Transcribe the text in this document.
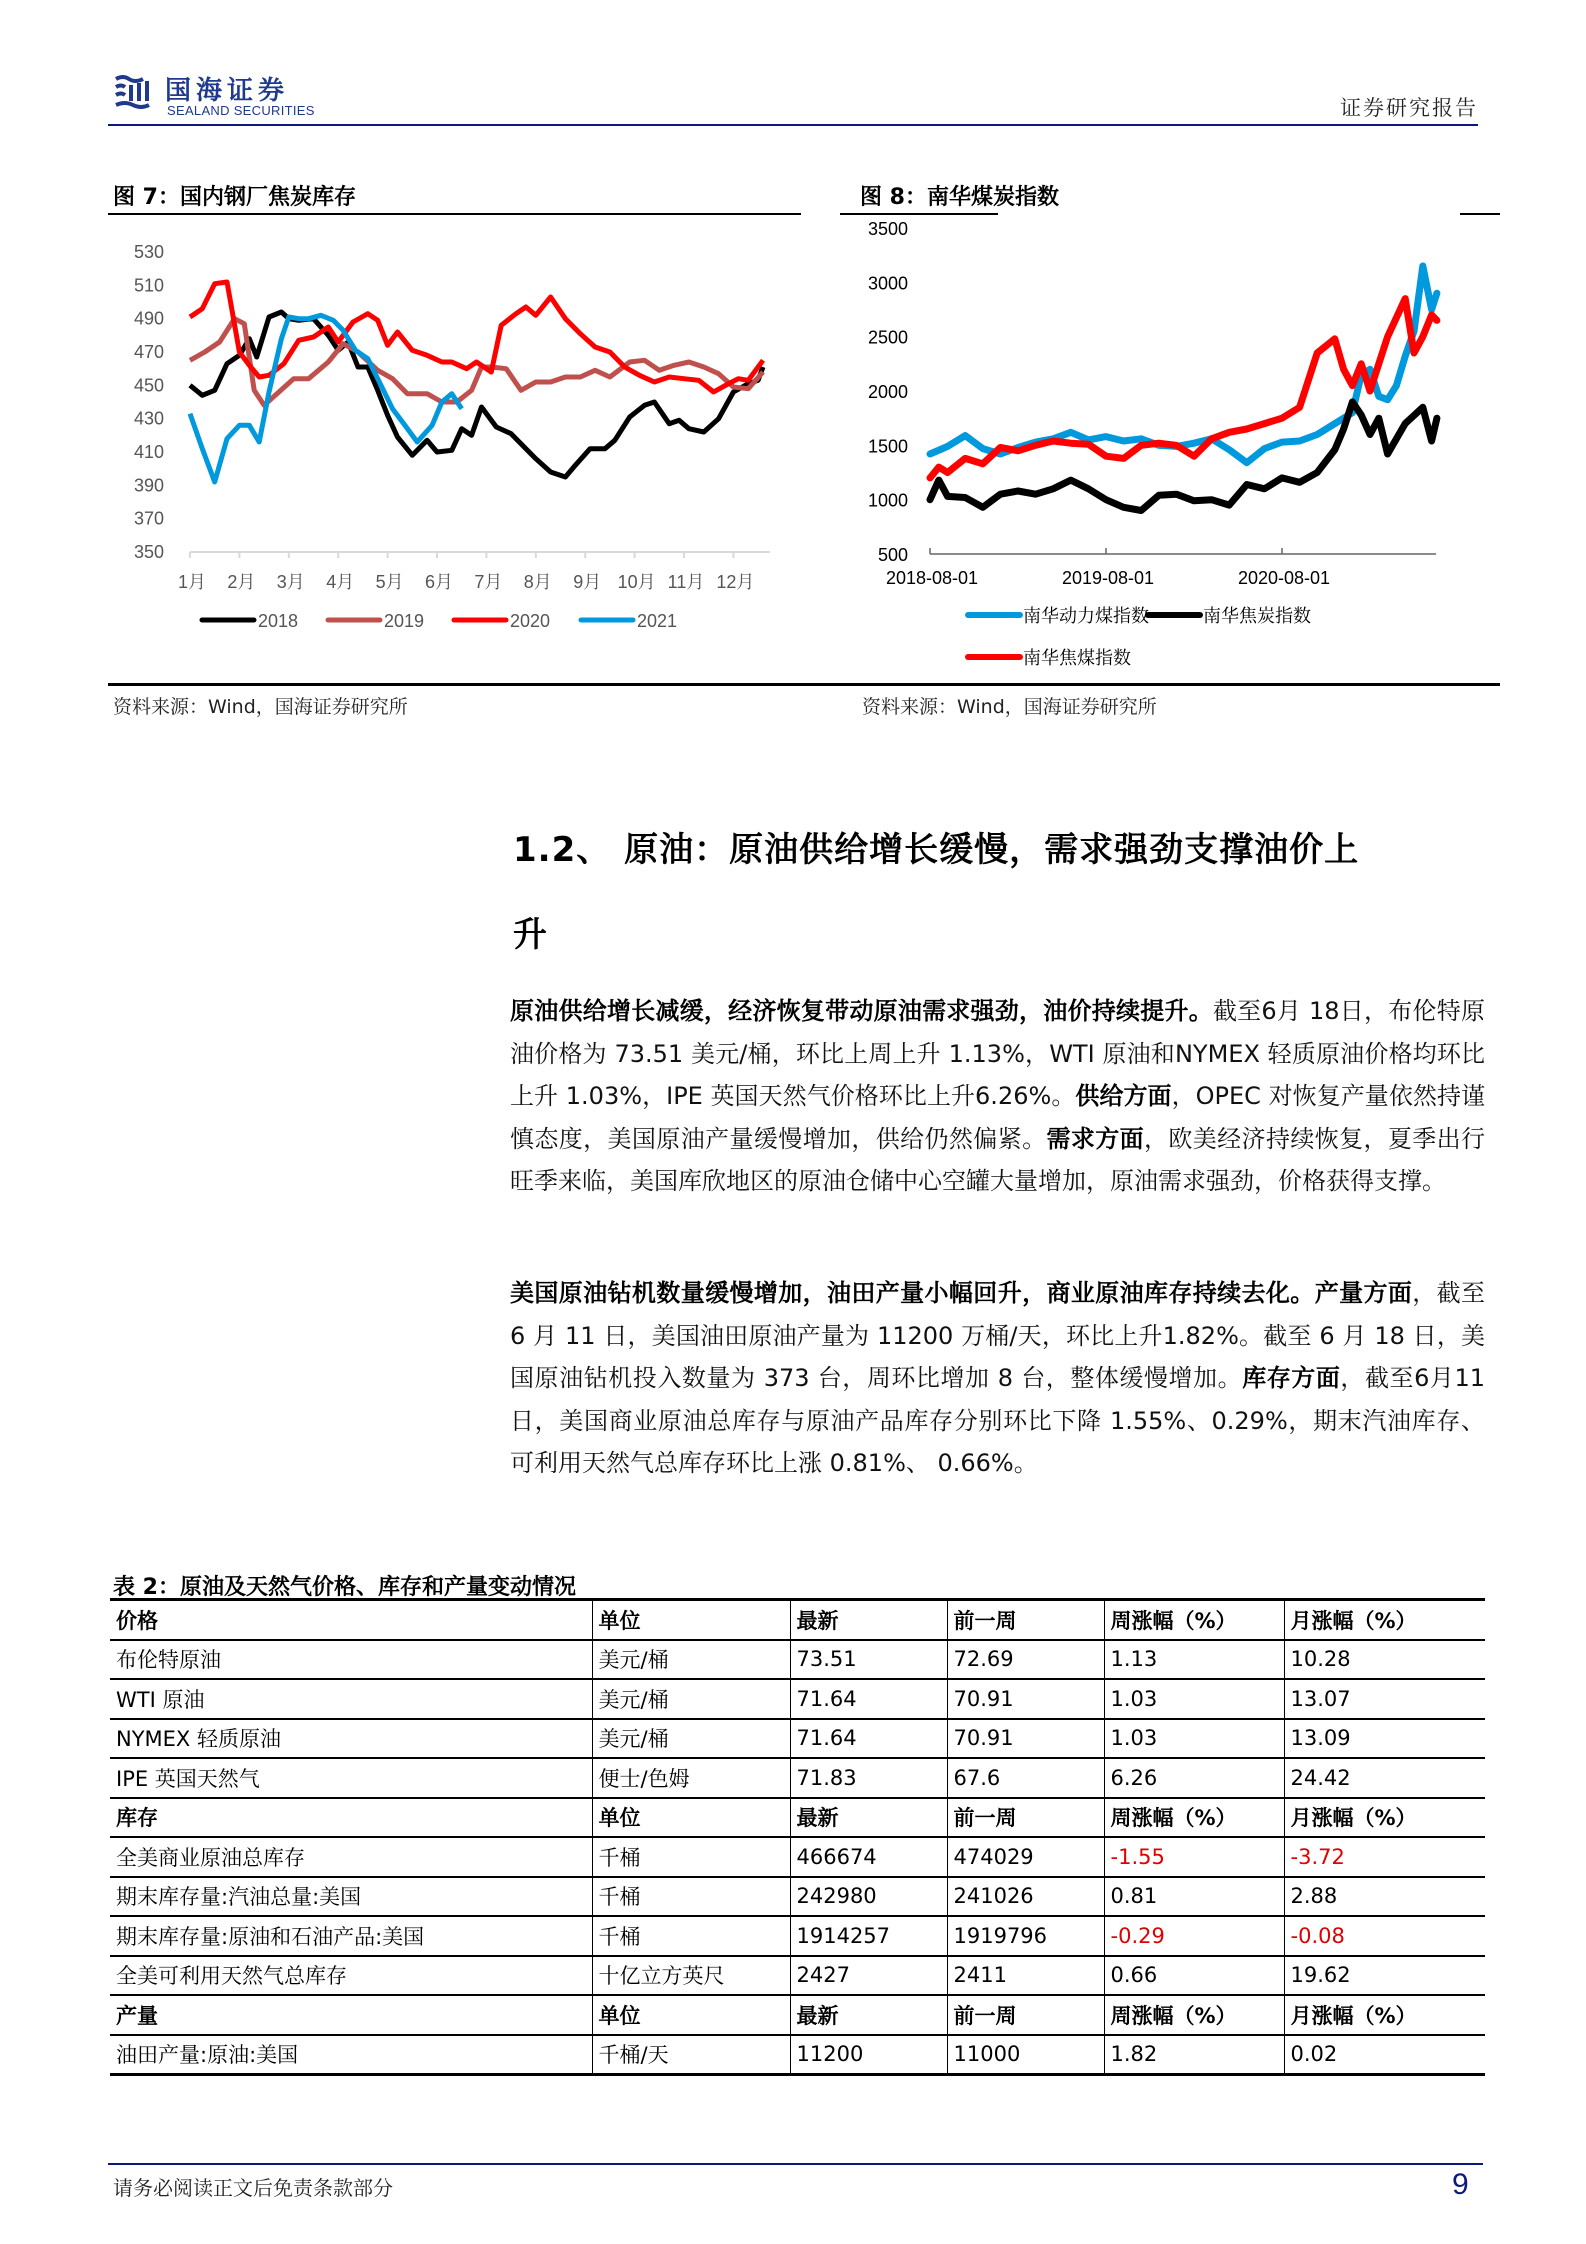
国海证券
SEALAND SECURITIES	证券研究报告
图 7：国内钢厂焦炭库存
350
370
390
410
430
450
470
490
510
530
1月 2月 3月 4月 5月 6月 7月 8月 9月 10月 11月 12月
2018	2019	2020	2021
图 8：南华煤炭指数
500
1000
1500
2000
2500
3000
3500
2018-08-01	2019-08-01	2020-08-01
南华动力煤指数	南华焦炭指数
南华焦煤指数
资料来源：Wind，国海证券研究所	资料来源：Wind，国海证券研究所
1.2、 原油：原油供给增长缓慢，需求强劲支撑油价上
升
原油供给增长减缓，经济恢复带动原油需求强劲，油价持续提升。截至6月 18日，布伦特原油价格为 73.51 美元/桶，环比上周上升 1.13%，WTI 原油和NYMEX 轻质原油价格均环比上升 1.03%，IPE 英国天然气价格环比上升6.26%。供给方面，OPEC 对恢复产量依然持谨慎态度，美国原油产量缓慢增加，供给仍然偏紧。需求方面，欧美经济持续恢复，夏季出行旺季来临，美国库欣地区的原油仓储中心空罐大量增加，原油需求强劲，价格获得支撑。
美国原油钻机数量缓慢增加，油田产量小幅回升，商业原油库存持续去化。产量方面，截至 6 月 11 日，美国油田原油产量为 11200 万桶/天，环比上升1.82%。截至 6 月 18 日，美国原油钻机投入数量为 373 台，周环比增加 8 台，整体缓慢增加。库存方面，截至6月11日，美国商业原油总库存与原油产品库存分别环比下降 1.55%、0.29%，期末汽油库存、可利用天然气总库存环比上涨 0.81%、 0.66%。
表 2：原油及天然气价格、库存和产量变动情况
价格	单位	最新	前一周	周涨幅（%）	月涨幅（%）
布伦特原油	美元/桶	73.51	72.69	1.13	10.28
WTI 原油	美元/桶	71.64	70.91	1.03	13.07
NYMEX 轻质原油	美元/桶	71.64	70.91	1.03	13.09
IPE 英国天然气	便士/色姆	71.83	67.6	6.26	24.42
库存	单位	最新	前一周	周涨幅（%）	月涨幅（%）
全美商业原油总库存	千桶	466674	474029	-1.55	-3.72
期末库存量:汽油总量:美国	千桶	242980	241026	0.81	2.88
期末库存量:原油和石油产品:美国	千桶	1914257	1919796	-0.29	-0.08
全美可利用天然气总库存	十亿立方英尺	2427	2411	0.66	19.62
产量	单位	最新	前一周	周涨幅（%）	月涨幅（%）
油田产量:原油:美国	千桶/天	11200	11000	1.82	0.02
请务必阅读正文后免责条款部分	9
